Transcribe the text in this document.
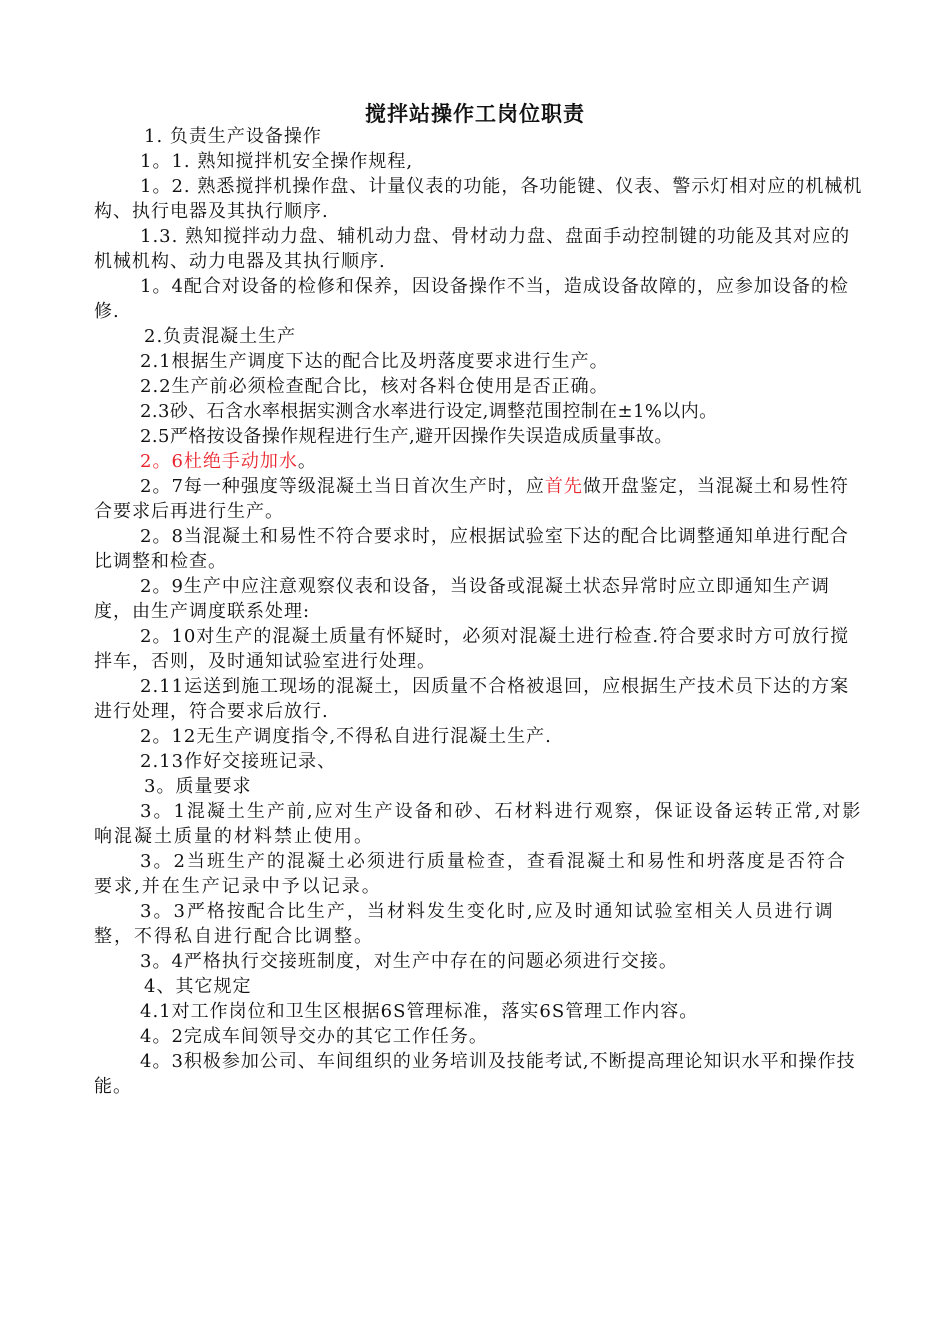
搅拌站操作工岗位职责

1. 负责生产设备操作

1。1. 熟知搅拌机安全操作规程,

1。2. 熟悉搅拌机操作盘、计量仪表的功能，各功能键、仪表、警示灯相对应的机械机构、执行电器及其执行顺序.

1.3. 熟知搅拌动力盘、辅机动力盘、骨材动力盘、盘面手动控制键的功能及其对应的机械机构、动力电器及其执行顺序.

1。4配合对设备的检修和保养，因设备操作不当，造成设备故障的，应参加设备的检修.

2.负责混凝土生产

2.1根据生产调度下达的配合比及坍落度要求进行生产。

2.2生产前必须检查配合比，核对各料仓使用是否正确。

2.3砂、石含水率根据实测含水率进行设定,调整范围控制在±1%以内。

2.5严格按设备操作规程进行生产,避开因操作失误造成质量事故。

2。6杜绝手动加水。

2。7每一种强度等级混凝土当日首次生产时，应首先做开盘鉴定，当混凝土和易性符合要求后再进行生产。

2。8当混凝土和易性不符合要求时，应根据试验室下达的配合比调整通知单进行配合比调整和检查。

2。9生产中应注意观察仪表和设备，当设备或混凝土状态异常时应立即通知生产调度，由生产调度联系处理:

2。10对生产的混凝土质量有怀疑时，必须对混凝土进行检查.符合要求时方可放行搅拌车，否则，及时通知试验室进行处理。

2.11运送到施工现场的混凝土，因质量不合格被退回，应根据生产技术员下达的方案进行处理，符合要求后放行.

2。12无生产调度指令,不得私自进行混凝土生产.

2.13作好交接班记录、

3。质量要求

3。1混凝土生产前,应对生产设备和砂、石材料进行观察，保证设备运转正常,对影响混凝土质量的材料禁止使用。

3。2当班生产的混凝土必须进行质量检查，查看混凝土和易性和坍落度是否符合要求,并在生产记录中予以记录。

3。3严格按配合比生产，当材料发生变化时,应及时通知试验室相关人员进行调整，不得私自进行配合比调整。

3。4严格执行交接班制度，对生产中存在的问题必须进行交接。

4、其它规定

4.1对工作岗位和卫生区根据6S管理标准，落实6S管理工作内容。

4。2完成车间领导交办的其它工作任务。

4。3积极参加公司、车间组织的业务培训及技能考试,不断提高理论知识水平和操作技能。
